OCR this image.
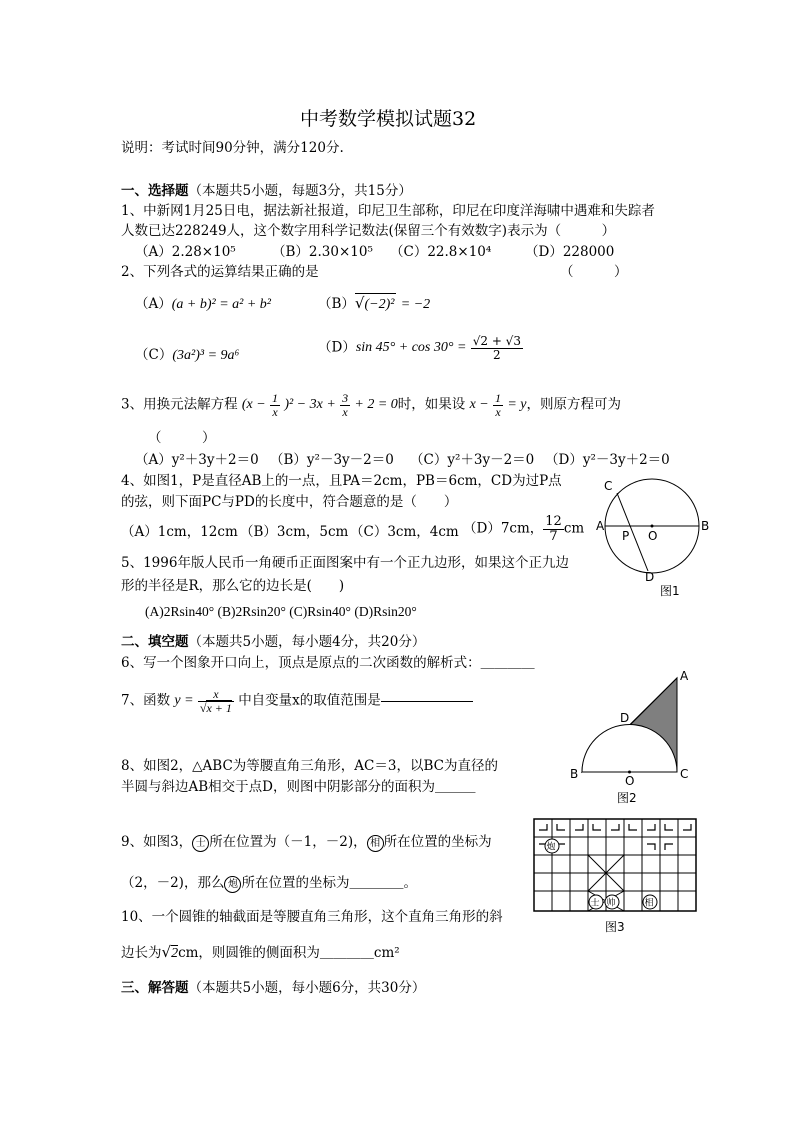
中考数学模拟试题32
说明：考试时间90分钟，满分120分.
一、选择题（本题共5小题，每题3分，共15分）
1、中新网1月25日电，据法新社报道，印尼卫生部称，印尼在印度洋海啸中遇难和失踪者
人数已达228249人，这个数字用科学记数法(保留三个有效数字)表示为（　　　）
（A）2.28×10⁵	（B）2.30×10⁵ （C）22.8×10⁴ （D）228000
2、下列各式的运算结果正确的是	（　　　）
（A）(a + b)² = a² + b²	（B）√(−2)² = −2
（C）(3a²)³ = 9a⁶
（D）sin $45^\circ + \cos 30^\circ = \frac{√2 + √3}{2}$
3、用换元法解方程 $(x - \frac{1}{x} )^2 - 3x + \frac{3}{x} + 2 = 0$时，如果设 $x - \frac{1}{x} = y$，则原方程可为
（　　　）
（A）y²＋3y＋2＝0 （B）y²－3y－2＝0 （C）y²＋3y－2＝0 （D）y²－3y＋2＝0
4、如图1，P是直径AB上的一点，且PA＝2cm，PB＝6cm，CD为过P点
的弦，则下面PC与PD的长度中，符合题意的是（　　）
（A）1cm，12cm （B）3cm，5cm （C）3cm，4cm （D）7cm， $\frac{12}{7}$ cm
5、1996年版人民币一角硬币正面图案中有一个正九边形，如果这个正九边
形的半径是R，那么它的边长是(　　)
(A)2Rsin40° (B)2Rsin20° (C)Rsin40° (D)Rsin20°
二、填空题（本题共5小题，每小题4分，共20分）
6、写一个图象开口向上，顶点是原点的二次函数的解析式：＿＿＿＿
7、函数 $y = \frac{x}{√x + 1}$ 中自变量x的取值范围是
8、如图2，△ABC为等腰直角三角形，AC＝3，以BC为直径的
半圆与斜边AB相交于点D，则图中阴影部分的面积为＿＿＿
9、如图3， 士 所在位置为（－1，－2)， 相 所在位置的坐标为
（2，－2)，那么 炮 所在位置的坐标为＿＿＿＿。
10、一个圆锥的轴截面是等腰直角三角形，这个直角三角形的斜
边长为√2cm，则圆锥的侧面积为＿＿＿＿cm²
三、解答题（本题共5小题，每小题6分，共30分）
C
A	B
P O
D
图1
A
D
B	C
O
图2
炮
士 帅	相
图3
